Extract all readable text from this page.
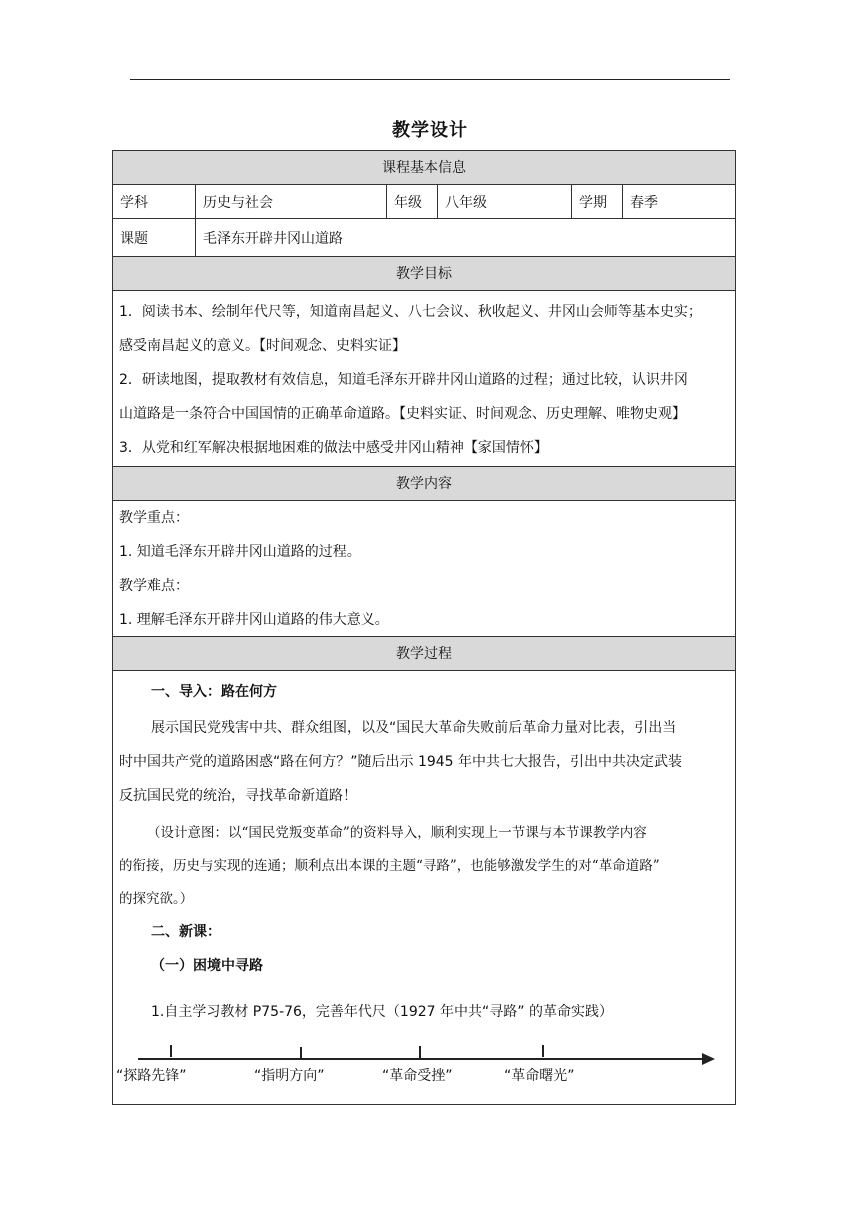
教学设计
课程基本信息
学科	历史与社会	年级	八年级	学期	春季
课题	毛泽东开辟井冈山道路
教学目标
1．阅读书本、绘制年代尺等，知道南昌起义、八七会议、秋收起义、井冈山会师等基本史实；
感受南昌起义的意义。【时间观念、史料实证】
2．研读地图，提取教材有效信息，知道毛泽东开辟井冈山道路的过程；通过比较，认识井冈
山道路是一条符合中国国情的正确革命道路。【史料实证、时间观念、历史理解、唯物史观】
3．从党和红军解决根据地困难的做法中感受井冈山精神【家国情怀】
教学内容
教学重点：
1. 知道毛泽东开辟井冈山道路的过程。
教学难点：
1. 理解毛泽东开辟井冈山道路的伟大意义。
教学过程
一、导入：路在何方
展示国民党残害中共、群众组图，以及“国民大革命失败前后革命力量对比表，引出当
时中国共产党的道路困惑“路在何方？”随后出示 1945 年中共七大报告，引出中共决定武装
反抗国民党的统治，寻找革命新道路！
（设计意图：以“国民党叛变革命”的资料导入，顺利实现上一节课与本节课教学内容
的衔接，历史与实现的连通；顺利点出本课的主题“寻路”，也能够激发学生的对“革命道路”
的探究欲。）
二、新课：
（一）困境中寻路
1.自主学习教材 P75-76，完善年代尺（1927 年中共“寻路” 的革命实践）
“探路先锋”	“指明方向”	“革命受挫”	“革命曙光”
